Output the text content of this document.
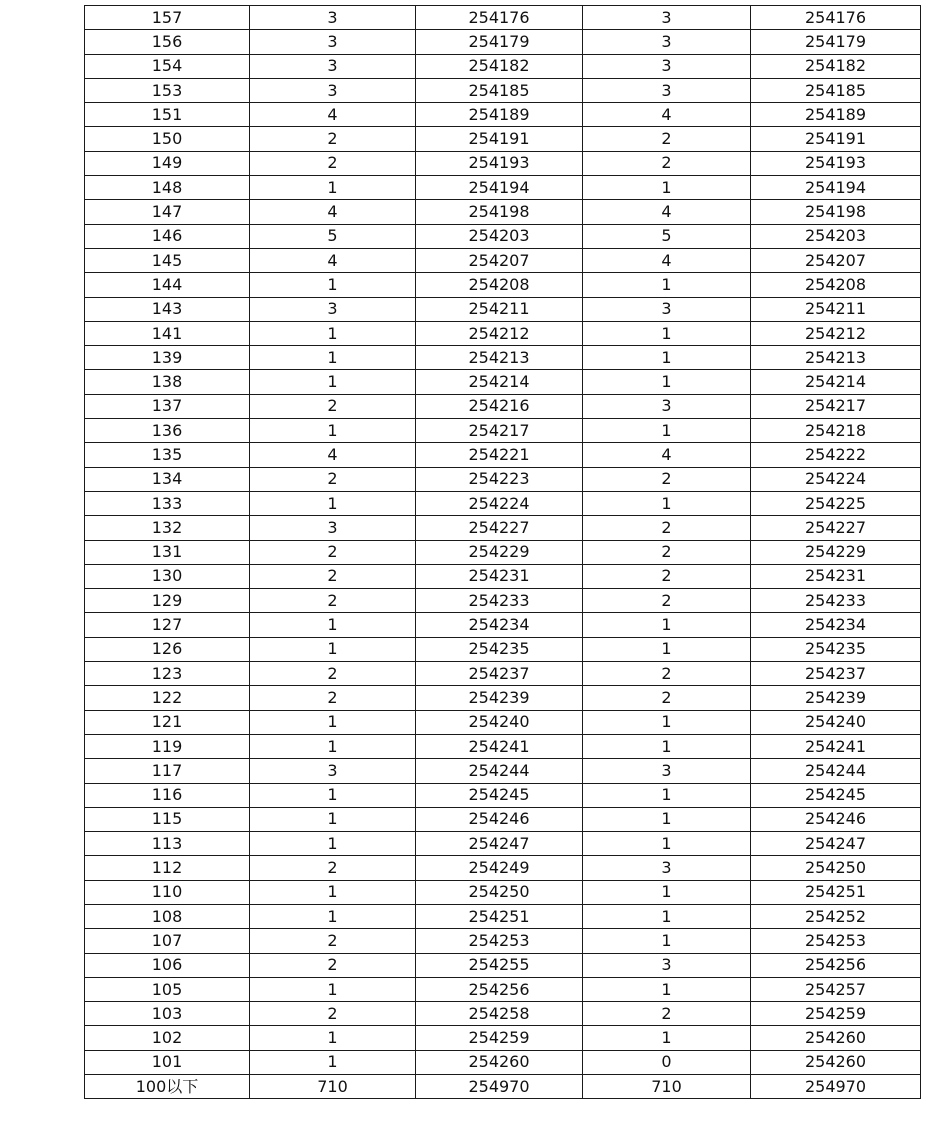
157	3	254176	3	254176
156	3	254179	3	254179
154	3	254182	3	254182
153	3	254185	3	254185
151	4	254189	4	254189
150	2	254191	2	254191
149	2	254193	2	254193
148	1	254194	1	254194
147	4	254198	4	254198
146	5	254203	5	254203
145	4	254207	4	254207
144	1	254208	1	254208
143	3	254211	3	254211
141	1	254212	1	254212
139	1	254213	1	254213
138	1	254214	1	254214
137	2	254216	3	254217
136	1	254217	1	254218
135	4	254221	4	254222
134	2	254223	2	254224
133	1	254224	1	254225
132	3	254227	2	254227
131	2	254229	2	254229
130	2	254231	2	254231
129	2	254233	2	254233
127	1	254234	1	254234
126	1	254235	1	254235
123	2	254237	2	254237
122	2	254239	2	254239
121	1	254240	1	254240
119	1	254241	1	254241
117	3	254244	3	254244
116	1	254245	1	254245
115	1	254246	1	254246
113	1	254247	1	254247
112	2	254249	3	254250
110	1	254250	1	254251
108	1	254251	1	254252
107	2	254253	1	254253
106	2	254255	3	254256
105	1	254256	1	254257
103	2	254258	2	254259
102	1	254259	1	254260
101	1	254260	0	254260
100以下	710	254970	710	254970
